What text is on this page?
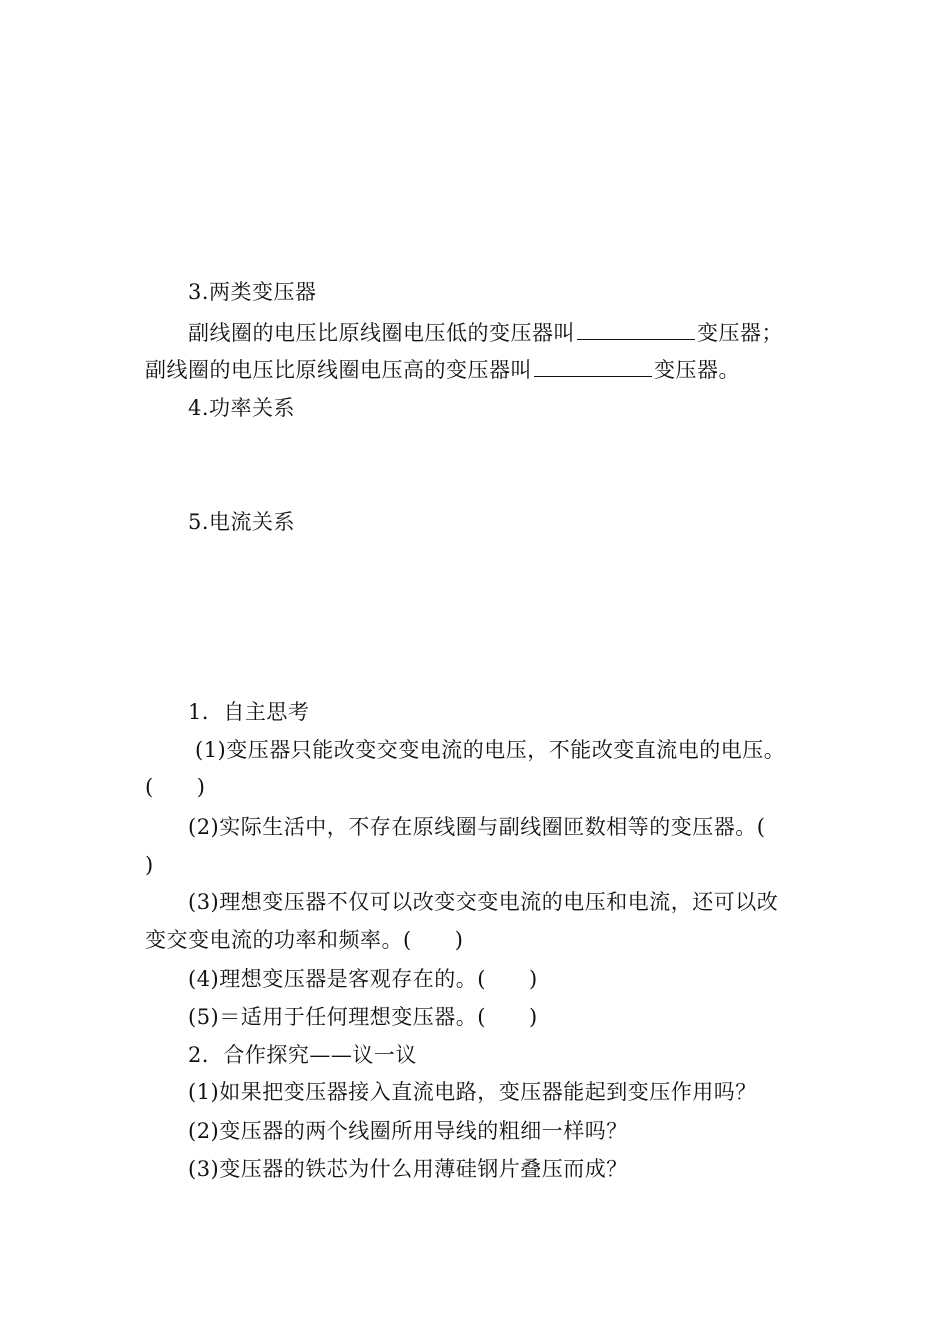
3.两类变压器
副线圈的电压比原线圈电压低的变压器叫	变压器；
副线圈的电压比原线圈电压高的变压器叫	变压器。
4.功率关系
5.电流关系
1．自主思考
(1)变压器只能改变交变电流的电压，不能改变直流电的电压。
(　　)
(2)实际生活中，不存在原线圈与副线圈匝数相等的变压器。(
)
(3)理想变压器不仅可以改变交变电流的电压和电流，还可以改
变交变电流的功率和频率。(　　)
(4)理想变压器是客观存在的。(　　)
(5)＝适用于任何理想变压器。(　　)
2．合作探究——议一议
(1)如果把变压器接入直流电路，变压器能起到变压作用吗？
(2)变压器的两个线圈所用导线的粗细一样吗？
(3)变压器的铁芯为什么用薄硅钢片叠压而成？
